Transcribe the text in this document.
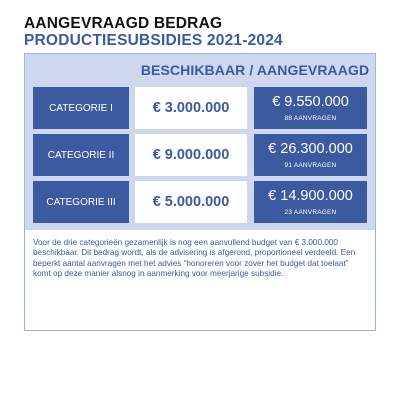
AANGEVRAAGD BEDRAG
PRODUCTIESUBSIDIES 2021-2024
BESCHIKBAAR / AANGEVRAAGD
CATEGORIE I	€ 3.000.000	€ 9.550.000
88 AANVRAGEN
CATEGORIE II	€ 9.000.000	€ 26.300.000
91 AANVRAGEN
CATEGORIE III	€ 5.000.000	€ 14.900.000
23 AANVRAGEN

Voor de drie categorieën gezamenlijk is nog een aanvullend budget van € 3.000.000 beschikbaar. Dit bedrag wordt, als de advisering is afgerond, proportioneel verdeeld. Een beperkt aantal aanvragen met het advies “honoreren voor zover het budget dat toelaat” komt op deze manier alsnog in aanmerking voor meerjarige subsidie.
